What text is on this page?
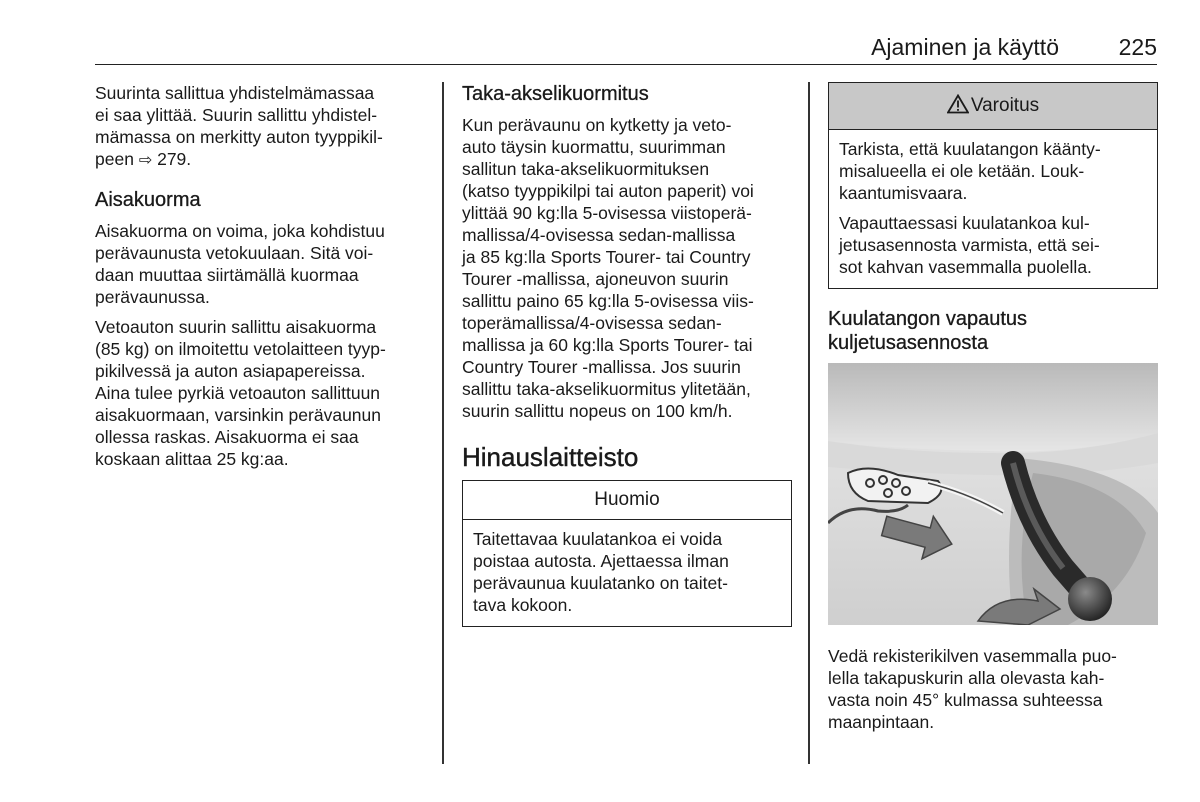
Ajaminen ja käyttö	225

Suurinta sallittua yhdistelmämassaa
ei saa ylittää. Suurin sallittu yhdistel-
mämassa on merkitty auton tyyppikil-
peen ⇨ 279.

Aisakuorma

Aisakuorma on voima, joka kohdistuu
perävaunusta vetokuulaan. Sitä voi-
daan muuttaa siirtämällä kuormaa
perävaunussa.

Vetoauton suurin sallittu aisakuorma
(85 kg) on ilmoitettu vetolaitteen tyyp-
pikilvessä ja auton asiapapereissa.
Aina tulee pyrkiä vetoauton sallittuun
aisakuormaan, varsinkin perävaunun
ollessa raskas. Aisakuorma ei saa
koskaan alittaa 25 kg:aa.

Taka-akselikuormitus

Kun perävaunu on kytketty ja veto-
auto täysin kuormattu, suurimman
sallitun taka-akselikuormituksen
(katso tyyppikilpi tai auton paperit) voi
ylittää 90 kg:lla 5-ovisessa viistoperä-
mallissa/4-ovisessa sedan-mallissa
ja 85 kg:lla Sports Tourer- tai Country
Tourer -mallissa, ajoneuvon suurin
sallittu paino 65 kg:lla 5-ovisessa viis-
toperämallissa/4-ovisessa sedan-
mallissa ja 60 kg:lla Sports Tourer- tai
Country Tourer -mallissa. Jos suurin
sallittu taka-akselikuormitus ylitetään,
suurin sallittu nopeus on 100 km/h.

Hinauslaitteisto
Huomio

Taitettavaa kuulatankoa ei voida
poistaa autosta. Ajettaessa ilman
perävaunua kuulatanko on taitet-
tava kokoon.

Varoitus

Tarkista, että kuulatangon käänty-
misalueella ei ole ketään. Louk-
kaantumisvaara.

Vapauttaessasi kuulatankoa kul-
jetusasennosta varmista, että sei-
sot kahvan vasemmalla puolella.

Kuulatangon vapautus
kuljetusasennosta

Vedä rekisterikilven vasemmalla puo-
lella takapuskurin alla olevasta kah-
vasta noin 45° kulmassa suhteessa
maanpintaan.
